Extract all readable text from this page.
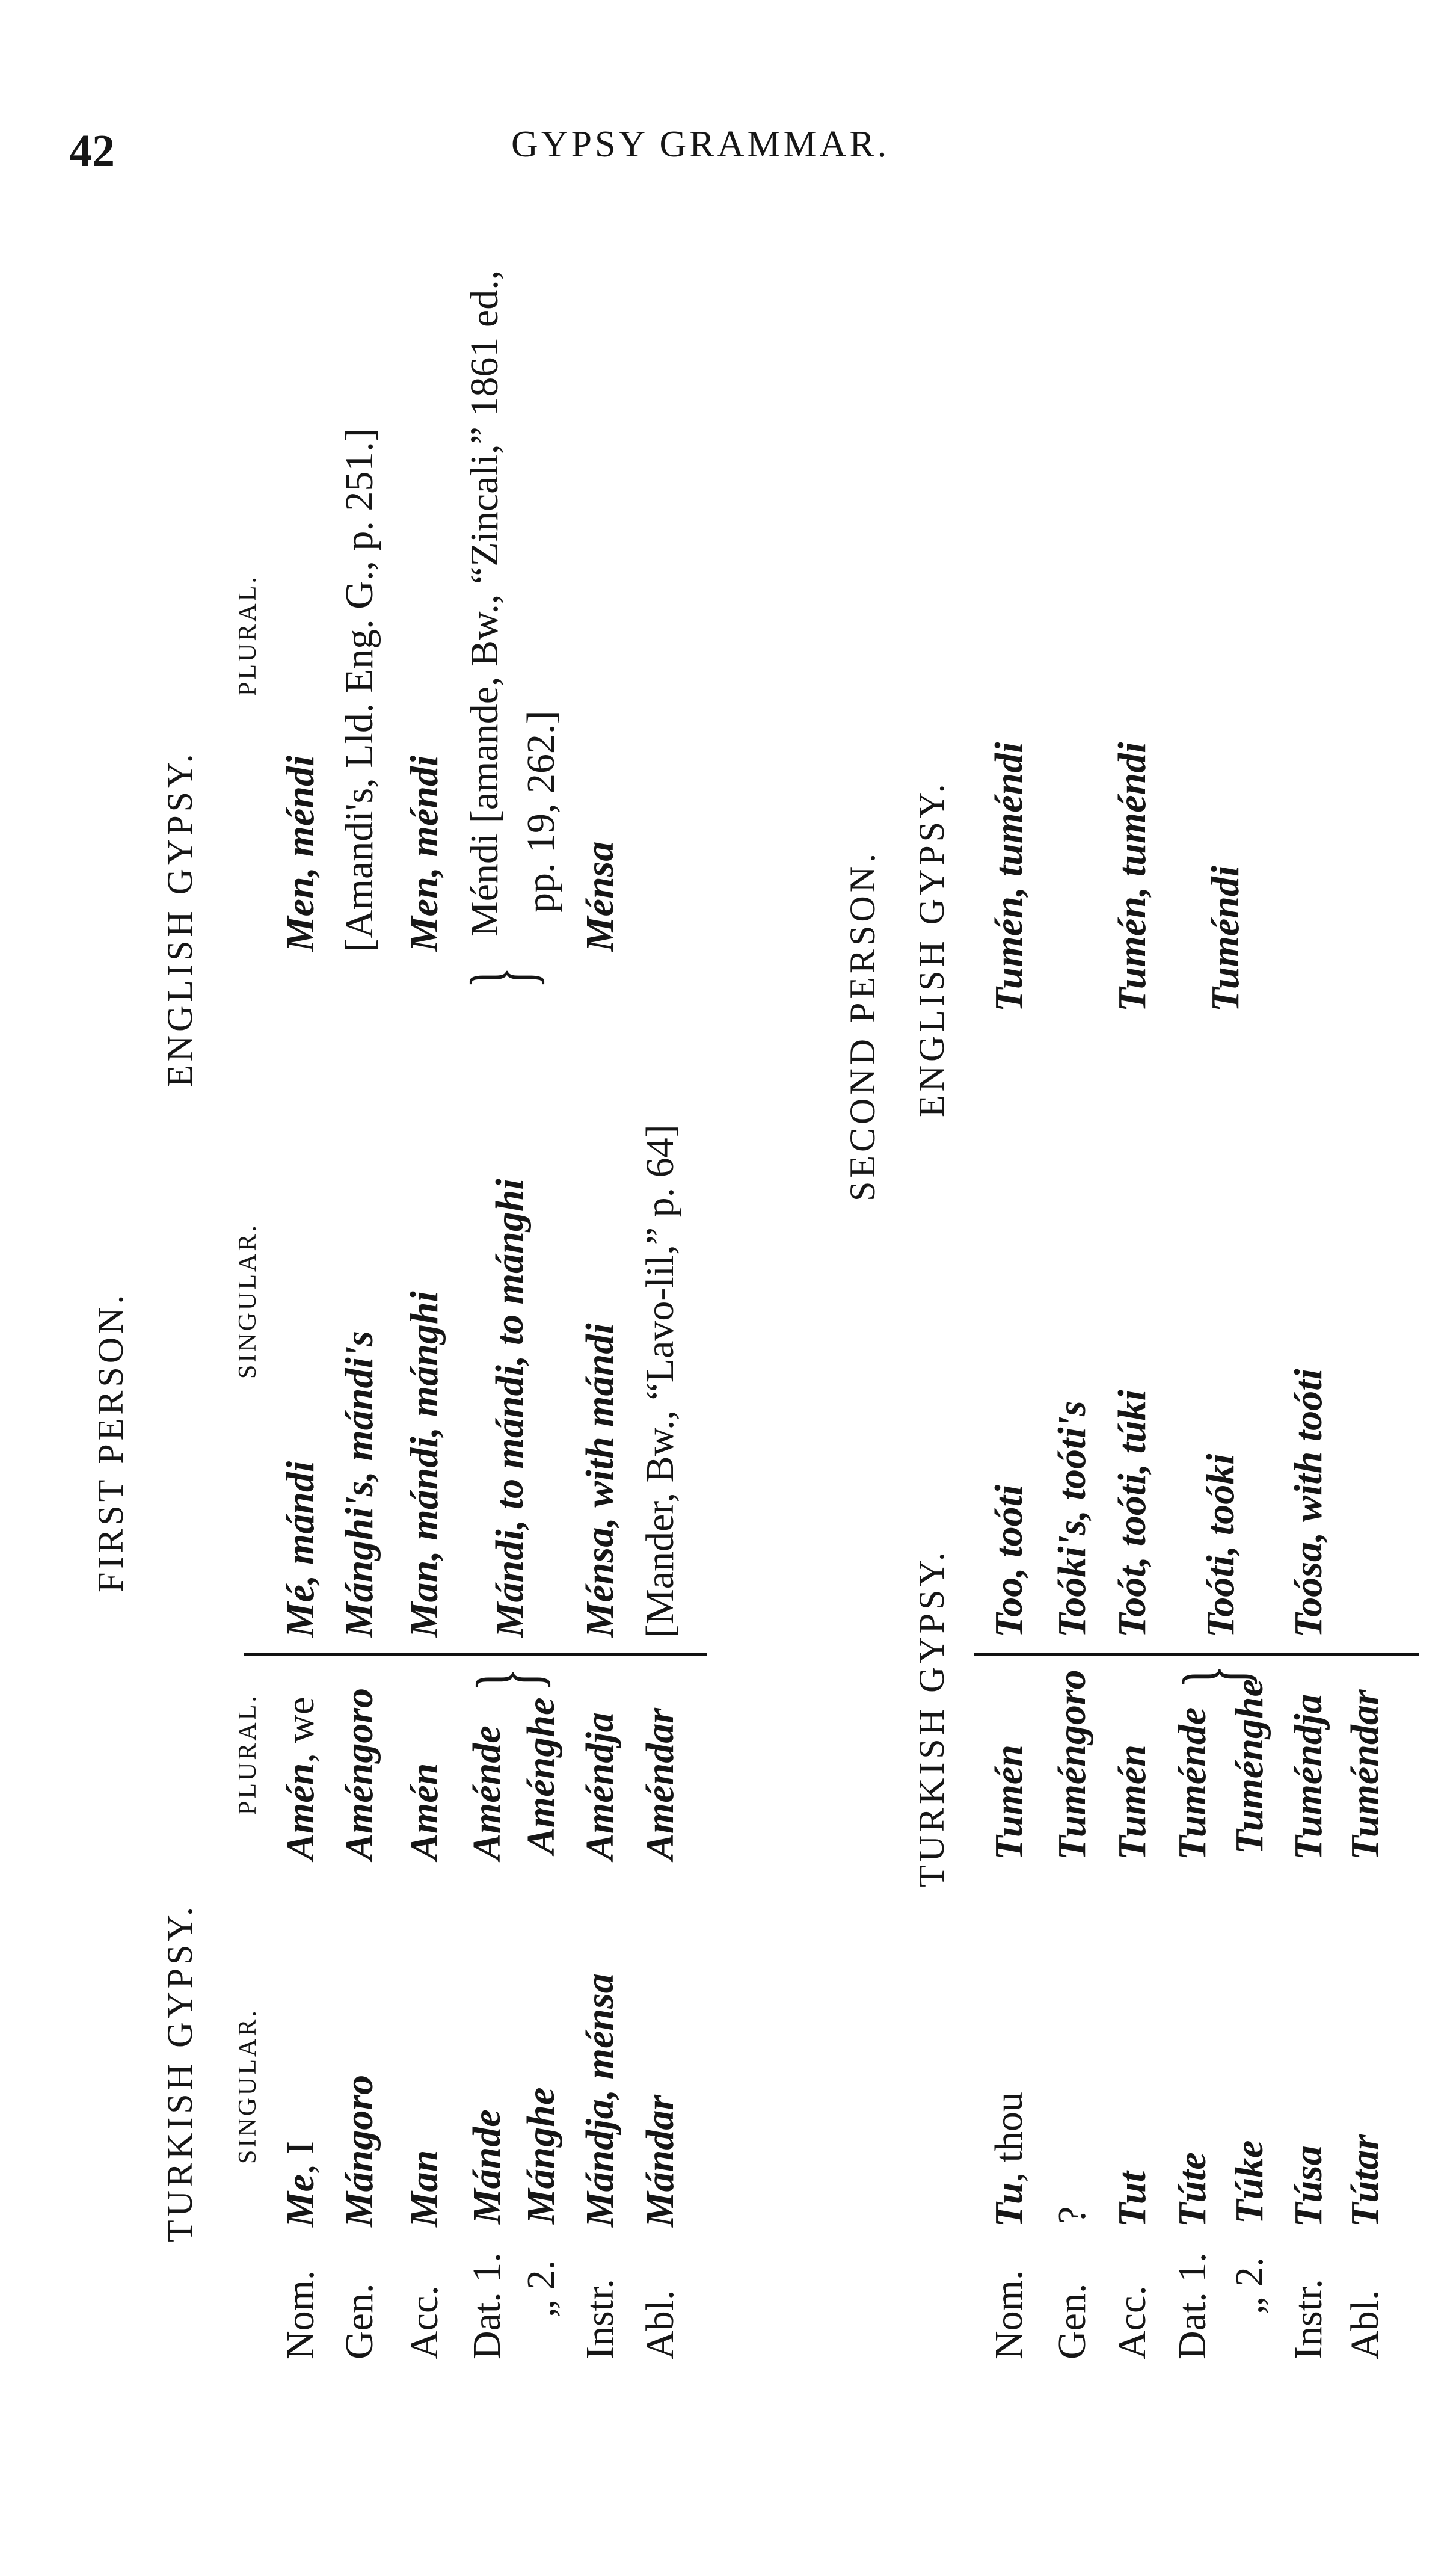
42	GYPSY GRAMMAR.
FIRST PERSON.
TURKISH GYPSY.
ENGLISH GYPSY.
SINGULAR.
PLURAL.
SINGULAR.
PLURAL.
Nom.
Me, I
Amén, we
Gen.
Mángoro
Améngoro
Acc.
Man
Amén
Dat. 1.
Mánde
Aménde
„ 2.
Mánghe
Aménghe
}
Instr.
Mándja, ménsa
Améndja
Abl.
Mándar
Améndar
Mé, mándi Mánghi's, mándi's Man, mándi, mánghi Mándi, to mándi, to mánghi Ménsa, with mándi [Mander, Bw., “Lavo-lil,” p. 64]
Men, méndi [Amandi's, Lld. Eng. G., p. 251.] Men, méndi
{
Méndi [amande, Bw., “Zincali,” 1861 ed., pp. 19, 262.] Ménsa	SECOND PERSON.
TURKISH GYPSY.
ENGLISH GYPSY.
Nom.
Tu, thou
Tumén
Gen.
?
Tuméngoro
Acc.
Tut
Tumén
Dat. 1.
Túte
Tuménde
„ 2.
Túke
Tuménghe
}
Instr.
Túsa
Tuméndja
Abl.
Tútar
Tuméndar
Too, toóti Toóki's, toóti's Toót, toóti, túki Toóti, toóki Toósa, with toóti
Tumén, tuméndi Tumén, tuméndi Tuméndi
